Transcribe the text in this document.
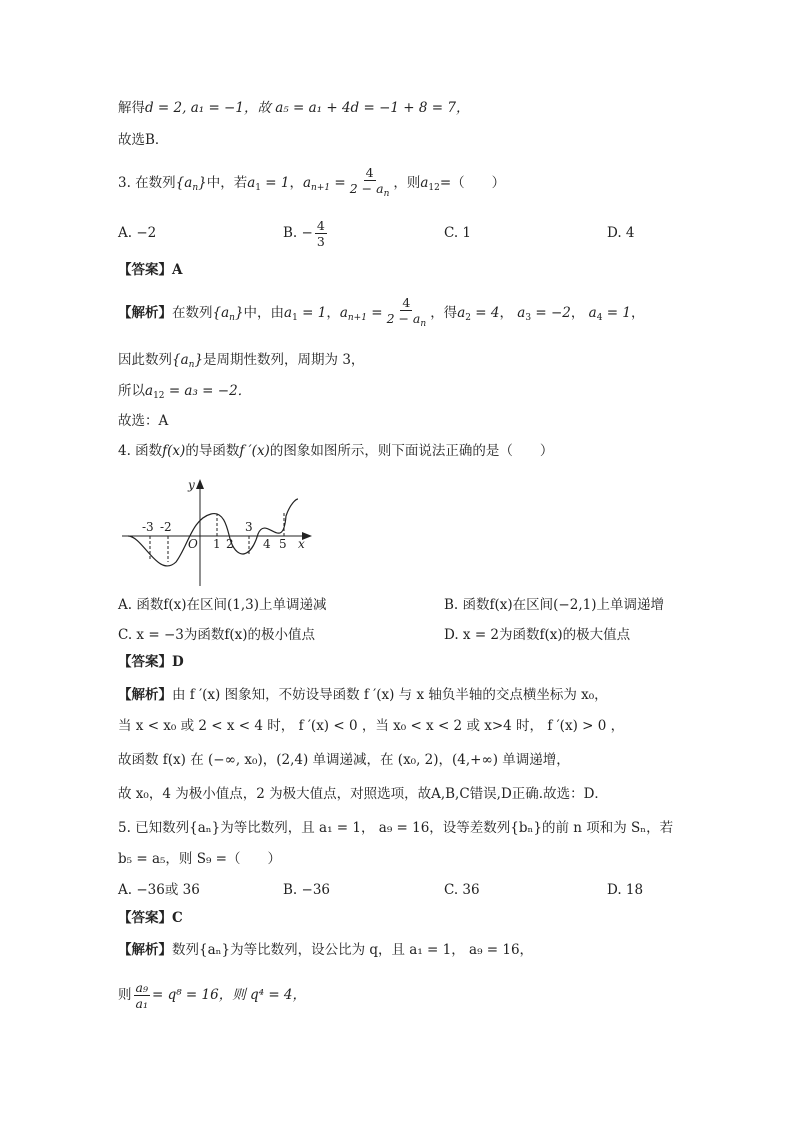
解得d = 2, a₁ = −1，故 a₅ = a₁ + 4d = −1 + 8 = 7，
故选B．
3. 在数列$\{a_n\}$中，若$a_1 = 1$，$a_{n+1} = \frac{4}{2 - a_n}$ ，则$a_{12}=$（　　）
A. −2	B. − $\frac{4}{3}$	C. 1	D. 4
【答案】A
【解析】在数列$\{a_n\}$中，由$a_1 = 1$，$a_{n+1} = \frac{4}{2 - a_n}$ ，得$a_2 = 4$， $a_3 = -2$， $a_4 = 1$，
因此数列$\{a_n\}$是周期性数列，周期为 3，
所以$a_{12} = a_3 = -2$．
故选：A
4. 函数f(x)的导函数f ′(x)的图象如图所示，则下面说法正确的是（　　）
y
x
O
-3 -2
1 2
3
4 5
A. 函数f(x)在区间(1,3)上单调递减	B. 函数f(x)在区间(−2,1)上单调递增
C. x = −3为函数f(x)的极小值点	D. x = 2为函数f(x)的极大值点
【答案】D
【解析】由 f ′(x) 图象知，不妨设导函数 f ′(x) 与 x 轴负半轴的交点横坐标为 x₀，
当 x < x₀ 或 2 < x < 4 时， f ′(x) < 0 ，当 x₀ < x < 2 或 x>4 时， f ′(x) > 0 ，
故函数 f(x) 在 (−∞, x₀)，(2,4) 单调递减，在 (x₀, 2)，(4,+∞) 单调递增，
故 x₀，4 为极小值点，2 为极大值点，对照选项，故A,B,C错误,D正确.故选：D．
5. 已知数列{aₙ}为等比数列，且 a₁ = 1， a₉ = 16，设等差数列{bₙ}的前 n 项和为 Sₙ，若
b₅ = a₅，则 S₉ =（　　）
A. −36或 36	B. −36	C. 36	D. 18
【答案】C
【解析】数列{aₙ}为等比数列，设公比为 q，且 a₁ = 1， a₉ = 16，
则 $\frac{\text{a₉}}{\text{a₁}} = q^8 = 16$，则 q⁴ = 4，
